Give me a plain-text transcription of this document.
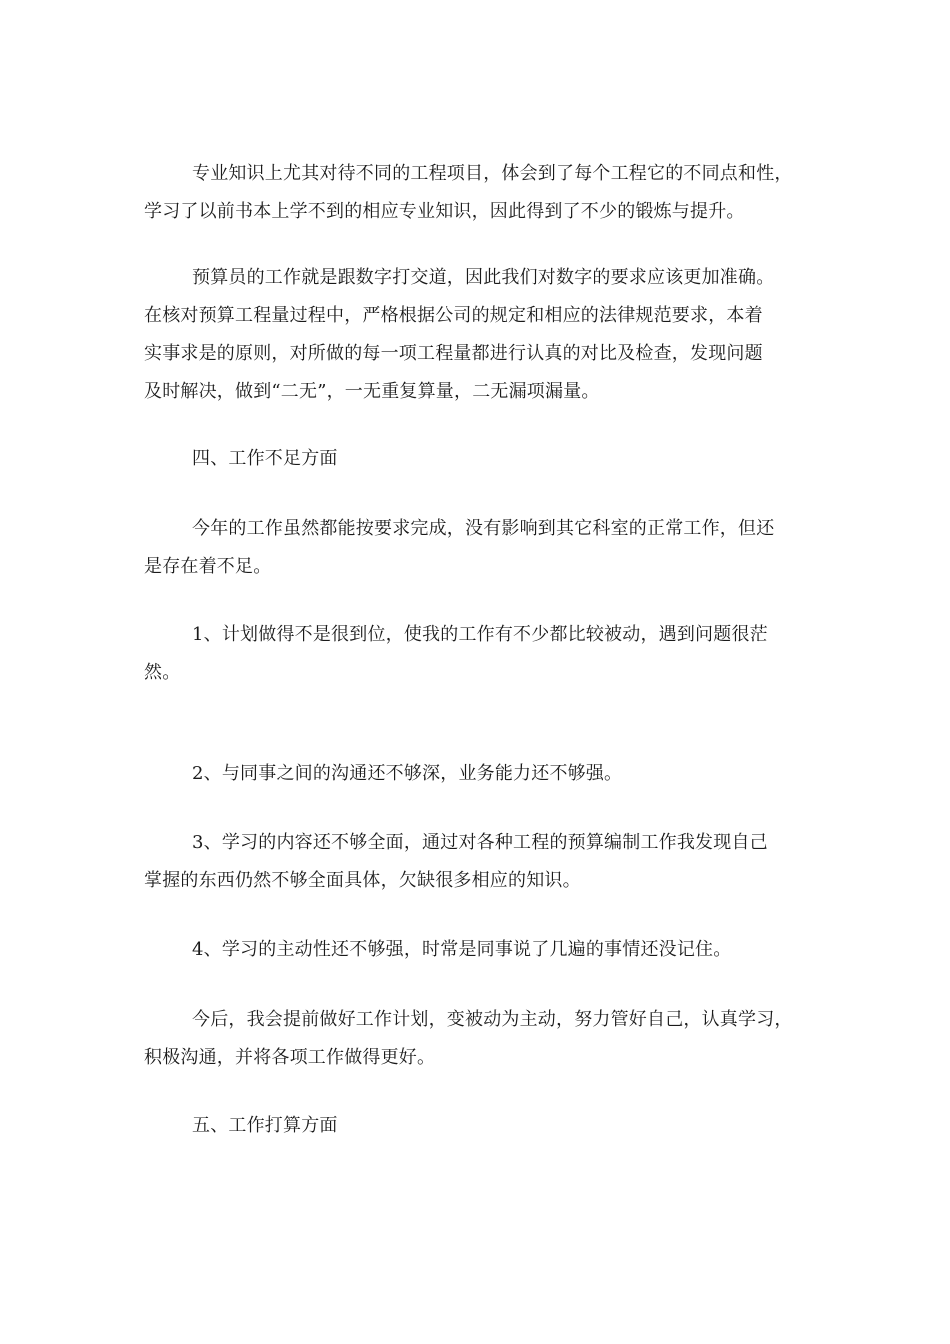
专业知识上尤其对待不同的工程项目，体会到了每个工程它的不同点和性，
学习了以前书本上学不到的相应专业知识，因此得到了不少的锻炼与提升。
预算员的工作就是跟数字打交道，因此我们对数字的要求应该更加准确。
在核对预算工程量过程中，严格根据公司的规定和相应的法律规范要求，本着
实事求是的原则，对所做的每一项工程量都进行认真的对比及检查，发现问题
及时解决，做到“二无”，一无重复算量，二无漏项漏量。
四、工作不足方面
今年的工作虽然都能按要求完成，没有影响到其它科室的正常工作，但还
是存在着不足。
1、计划做得不是很到位，使我的工作有不少都比较被动，遇到问题很茫
然。
2、与同事之间的沟通还不够深，业务能力还不够强。
3、学习的内容还不够全面，通过对各种工程的预算编制工作我发现自己
掌握的东西仍然不够全面具体，欠缺很多相应的知识。
4、学习的主动性还不够强，时常是同事说了几遍的事情还没记住。
今后，我会提前做好工作计划，变被动为主动，努力管好自己，认真学习，
积极沟通，并将各项工作做得更好。
五、工作打算方面
